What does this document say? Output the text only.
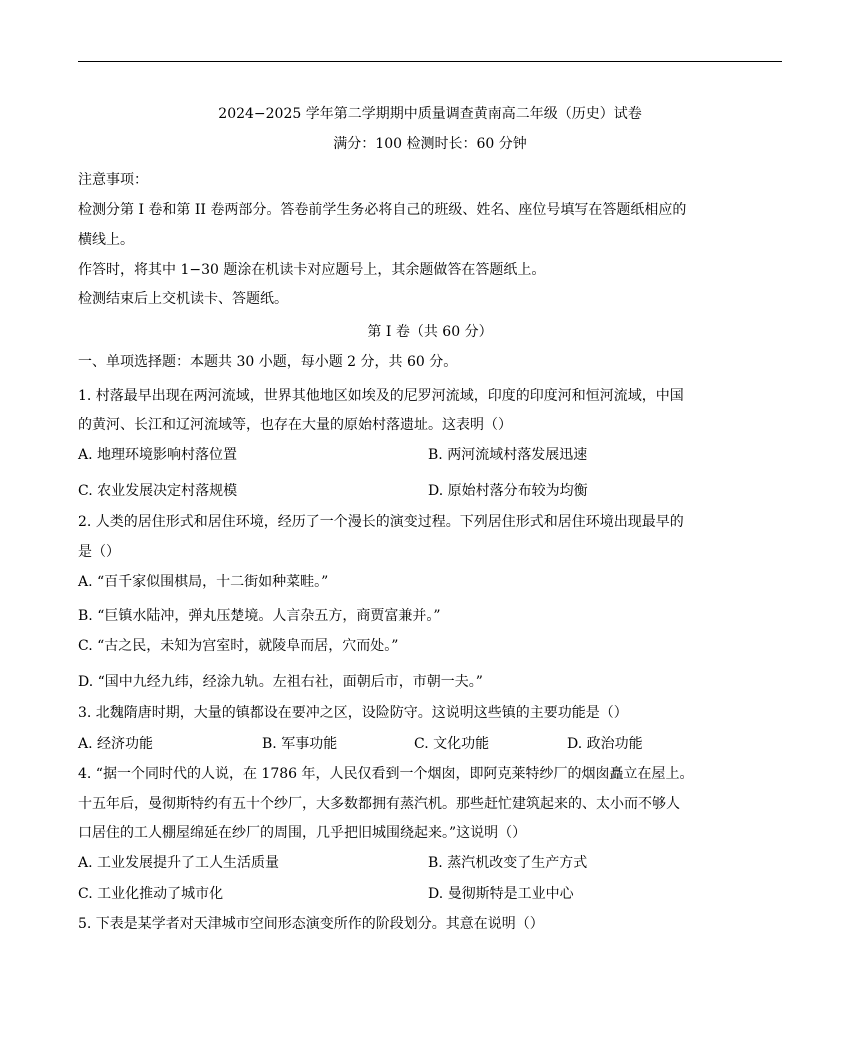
2024−2025 学年第二学期期中质量调查黄南高二年级（历史）试卷
满分：100 检测时长：60 分钟
注意事项：
检测分第 I 卷和第 II 卷两部分。答卷前学生务必将自己的班级、姓名、座位号填写在答题纸相应的
横线上。
作答时，将其中 1−30 题涂在机读卡对应题号上，其余题做答在答题纸上。
检测结束后上交机读卡、答题纸。
第 I 卷（共 60 分）
一、单项选择题：本题共 30 小题，每小题 2 分，共 60 分。
1. 村落最早出现在两河流域，世界其他地区如埃及的尼罗河流域，印度的印度河和恒河流域，中国
的黄河、长江和辽河流域等，也存在大量的原始村落遗址。这表明（）
A. 地理环境影响村落位置	B. 两河流域村落发展迅速
C. 农业发展决定村落规模	D. 原始村落分布较为均衡
2. 人类的居住形式和居住环境，经历了一个漫长的演变过程。下列居住形式和居住环境出现最早的
是（）
A. “百千家似围棋局，十二街如种菜畦。”
B. “巨镇水陆冲，弹丸压楚境。人言杂五方，商贾富兼并。”
C. “古之民，未知为宫室时，就陵阜而居，穴而处。”
D. “国中九经九纬，经涂九轨。左祖右社，面朝后市，市朝一夫。”
3. 北魏隋唐时期，大量的镇都设在要冲之区，设险防守。这说明这些镇的主要功能是（）
A. 经济功能	B. 军事功能	C. 文化功能	D. 政治功能
4. “据一个同时代的人说，在 1786 年，人民仅看到一个烟囱，即阿克莱特纱厂的烟囱矗立在屋上。
十五年后，曼彻斯特约有五十个纱厂，大多数都拥有蒸汽机。那些赶忙建筑起来的、太小而不够人
口居住的工人棚屋绵延在纱厂的周围，几乎把旧城围绕起来。”这说明（）
A. 工业发展提升了工人生活质量	B. 蒸汽机改变了生产方式
C. 工业化推动了城市化	D. 曼彻斯特是工业中心
5. 下表是某学者对天津城市空间形态演变所作的阶段划分。其意在说明（）
